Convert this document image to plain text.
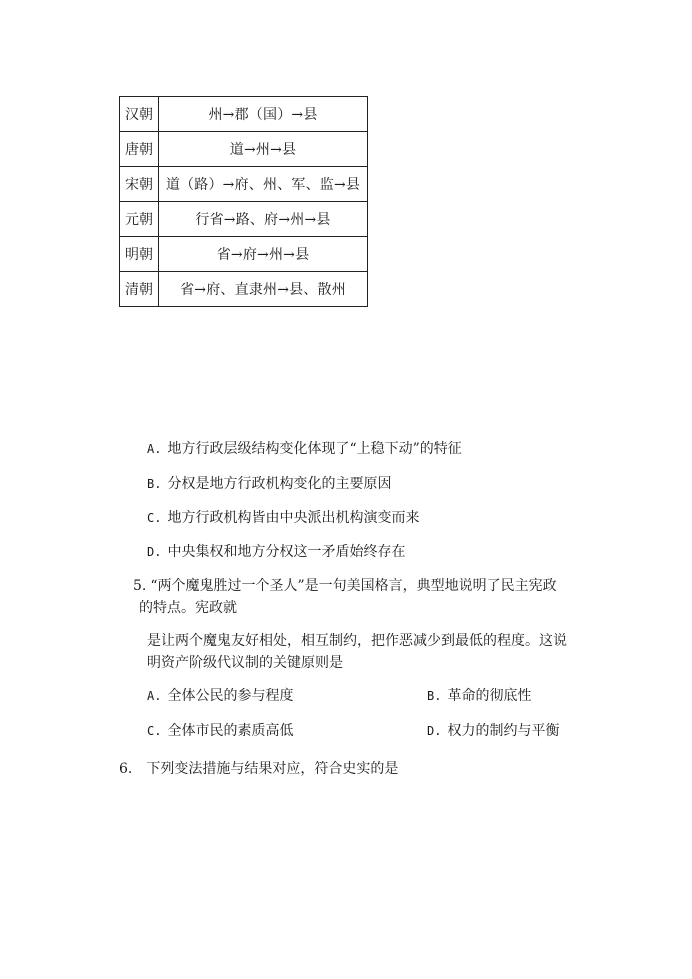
汉朝	州→郡（国）→县
唐朝	道→州→县
宋朝	道（路）→府、州、军、监→县
元朝	行省→路、府→州→县
明朝	省→府→州→县
清朝	省→府、直隶州→县、散州
A. 地方行政层级结构变化体现了“上稳下动”的特征
B. 分权是地方行政机构变化的主要原因
C. 地方行政机构皆由中央派出机构演变而来
D. 中央集权和地方分权这一矛盾始终存在
5. “两个魔鬼胜过一个圣人”是一句美国格言，典型地说明了民主宪政
的特点。宪政就
是让两个魔鬼友好相处，相互制约，把作恶减少到最低的程度。这说
明资产阶级代议制的关键原则是
A. 全体公民的参与程度	B. 革命的彻底性
C. 全体市民的素质高低	D. 权力的制约与平衡
6. 下列变法措施与结果对应，符合史实的是
